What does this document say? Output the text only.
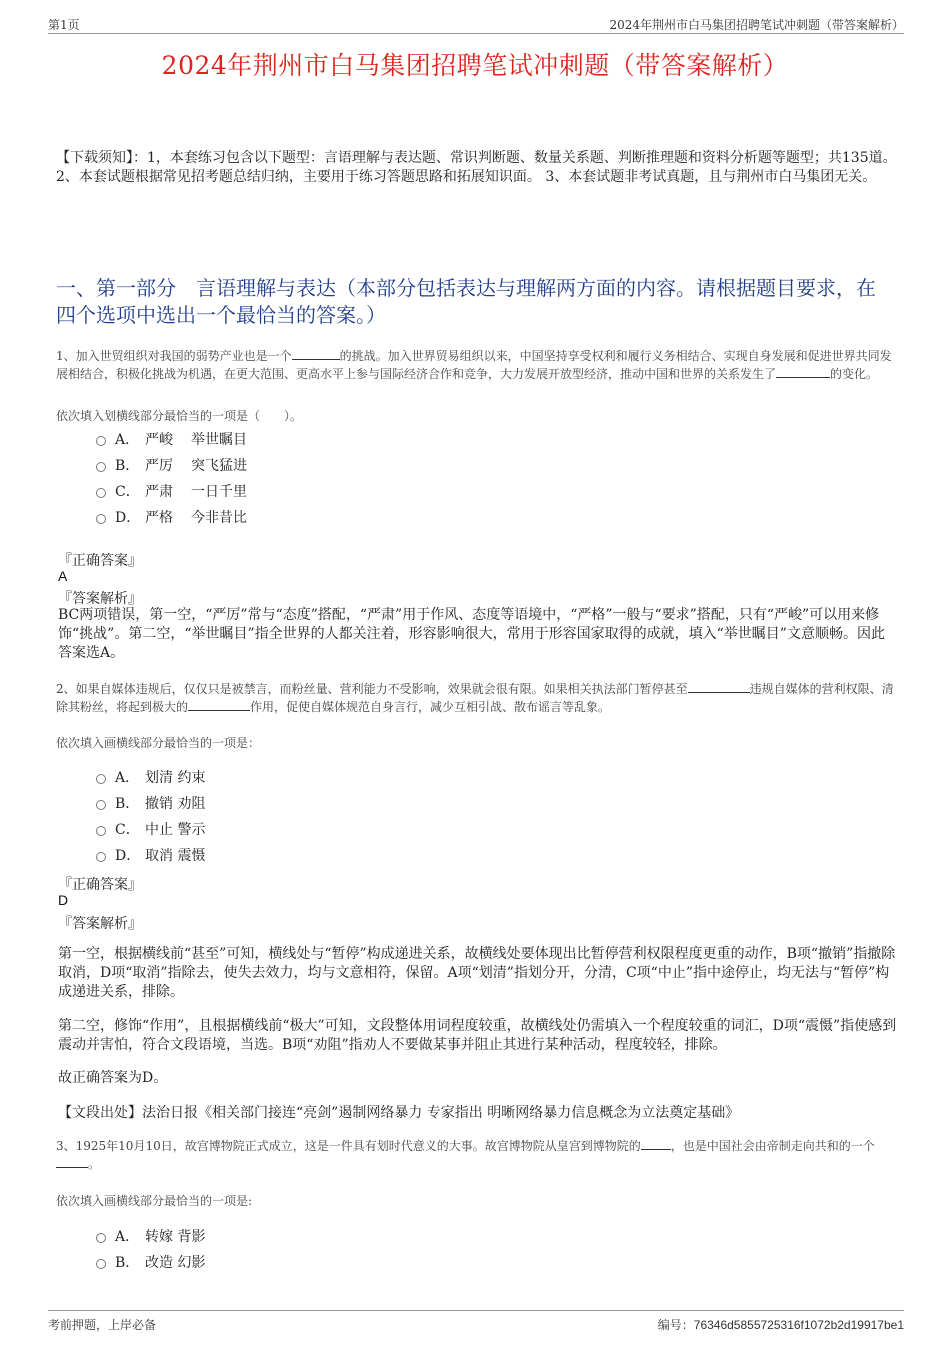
第1页	2024年荆州市白马集团招聘笔试冲刺题（带答案解析）
2024年荆州市白马集团招聘笔试冲刺题（带答案解析）
【下载须知】：1，本套练习包含以下题型：言语理解与表达题、常识判断题、数量关系题、判断推理题和资料分析题等题型；共135道。 2、本套试题根据常见招考题总结归纳，主要用于练习答题思路和拓展知识面。 3、本套试题非考试真题，且与荆州市白马集团无关。
一、第一部分　言语理解与表达（本部分包括表达与理解两方面的内容。请根据题目要求，在四个选项中选出一个最恰当的答案。）
1、加入世贸组织对我国的弱势产业也是一个	的挑战。加入世界贸易组织以来，中国坚持享受权利和履行义务相结合、实现自身发展和促进世界共同发展相结合，积极化挑战为机遇，在更大范围、更高水平上参与国际经济合作和竞争，大力发展开放型经济，推动中国和世界的关系发生了	的变化。
依次填入划横线部分最恰当的一项是（　　）。
A． 严峻 举世瞩目
B． 严厉 突飞猛进
C． 严肃 一日千里
D． 严格 今非昔比
『正确答案』
A
『答案解析』
BC两项错误，第一空，“严厉”常与“态度”搭配，“严肃”用于作风、态度等语境中，“严格”一般与“要求”搭配，只有“严峻”可以用来修饰“挑战”。第二空，“举世瞩目”指全世界的人都关注着，形容影响很大，常用于形容国家取得的成就，填入“举世瞩目”文意顺畅。因此答案选A。
2、如果自媒体违规后，仅仅只是被禁言，而粉丝量、营利能力不受影响，效果就会很有限。如果相关执法部门暂停甚至	违规自媒体的营利权限、清除其粉丝，将起到极大的	作用，促使自媒体规范自身言行，减少互相引战、散布谣言等乱象。
依次填入画横线部分最恰当的一项是：
A． 划清 约束
B． 撤销 劝阻
C． 中止 警示
D． 取消 震慑
『正确答案』
D
『答案解析』
第一空，根据横线前“甚至”可知，横线处与“暂停”构成递进关系，故横线处要体现出比暂停营利权限程度更重的动作，B项“撤销”指撤除取消，D项“取消”指除去，使失去效力，均与文意相符，保留。A项“划清”指划分开，分清，C项“中止”指中途停止，均无法与“暂停”构成递进关系，排除。
第二空，修饰“作用”，且根据横线前“极大”可知，文段整体用词程度较重，故横线处仍需填入一个程度较重的词汇，D项“震慑”指使感到震动并害怕，符合文段语境，当选。B项“劝阻”指劝人不要做某事并阻止其进行某种活动，程度较轻，排除。
故正确答案为D。
【文段出处】法治日报《相关部门接连“亮剑”遏制网络暴力 专家指出 明晰网络暴力信息概念为立法奠定基础》
3、1925年10月10日，故宫博物院正式成立，这是一件具有划时代意义的大事。故宫博物院从皇宫到博物院的	，也是中国社会由帝制走向共和的一个。
依次填入画横线部分最恰当的一项是:
A． 转嫁 背影
B． 改造 幻影
考前押题，上岸必备	编号：76346d5855725316f1072b2d19917be1
